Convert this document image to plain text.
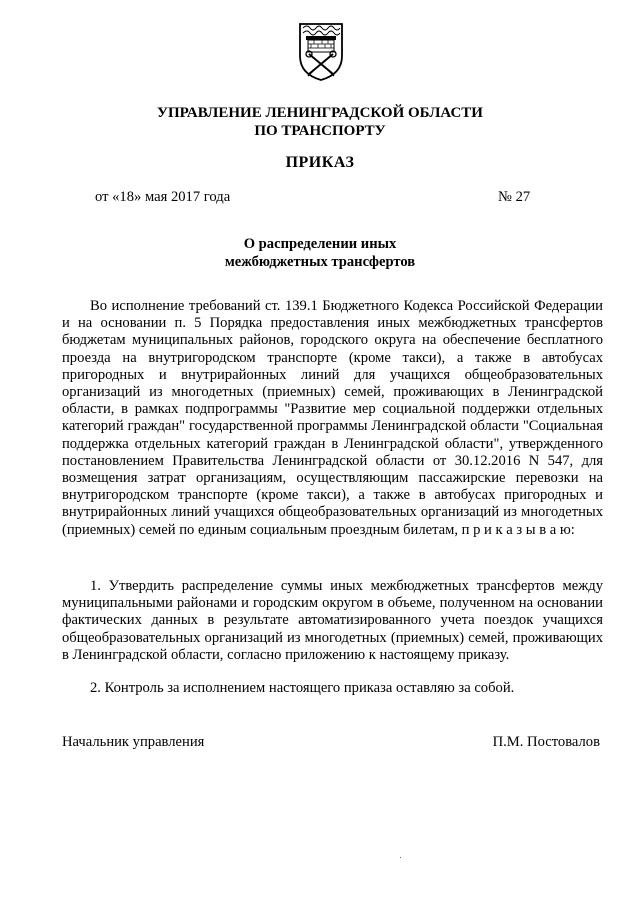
УПРАВЛЕНИЕ ЛЕНИНГРАДСКОЙ ОБЛАСТИ
ПО ТРАНСПОРТУ
ПРИКАЗ
от «18» мая 2017 года	№ 27
О распределении иных
межбюджетных трансфертов
Во исполнение требований ст. 139.1 Бюджетного Кодекса Российской Федерации и на основании п. 5 Порядка предоставления иных межбюджетных трансфертов бюджетам муниципальных районов, городского округа на обеспечение бесплатного проезда на внутригородском транспорте (кроме такси), а также в автобусах пригородных и внутрирайонных линий для учащихся общеобразовательных организаций из многодетных (приемных) семей, проживающих в Ленинградской области, в рамках подпрограммы "Развитие мер социальной поддержки отдельных категорий граждан" государственной программы Ленинградской области "Социальная поддержка отдельных категорий граждан в Ленинградской области", утвержденного постановлением Правительства Ленинградской области от 30.12.2016 N 547, для возмещения затрат организациям, осуществляющим пассажирские перевозки на внутригородском транспорте (кроме такси), а также в автобусах пригородных и внутрирайонных линий учащихся общеобразовательных организаций из многодетных (приемных) семей по единым социальным проездным билетам, п р и к а з ы в а ю:
1. Утвердить распределение суммы иных межбюджетных трансфертов между муниципальными районами и городским округом в объеме, полученном на основании фактических данных в результате автоматизированного учета поездок учащихся общеобразовательных организаций из многодетных (приемных) семей, проживающих в Ленинградской области, согласно приложению к настоящему приказу.
2. Контроль за исполнением настоящего приказа оставляю за собой.
Начальник управления	П.М. Постовалов
